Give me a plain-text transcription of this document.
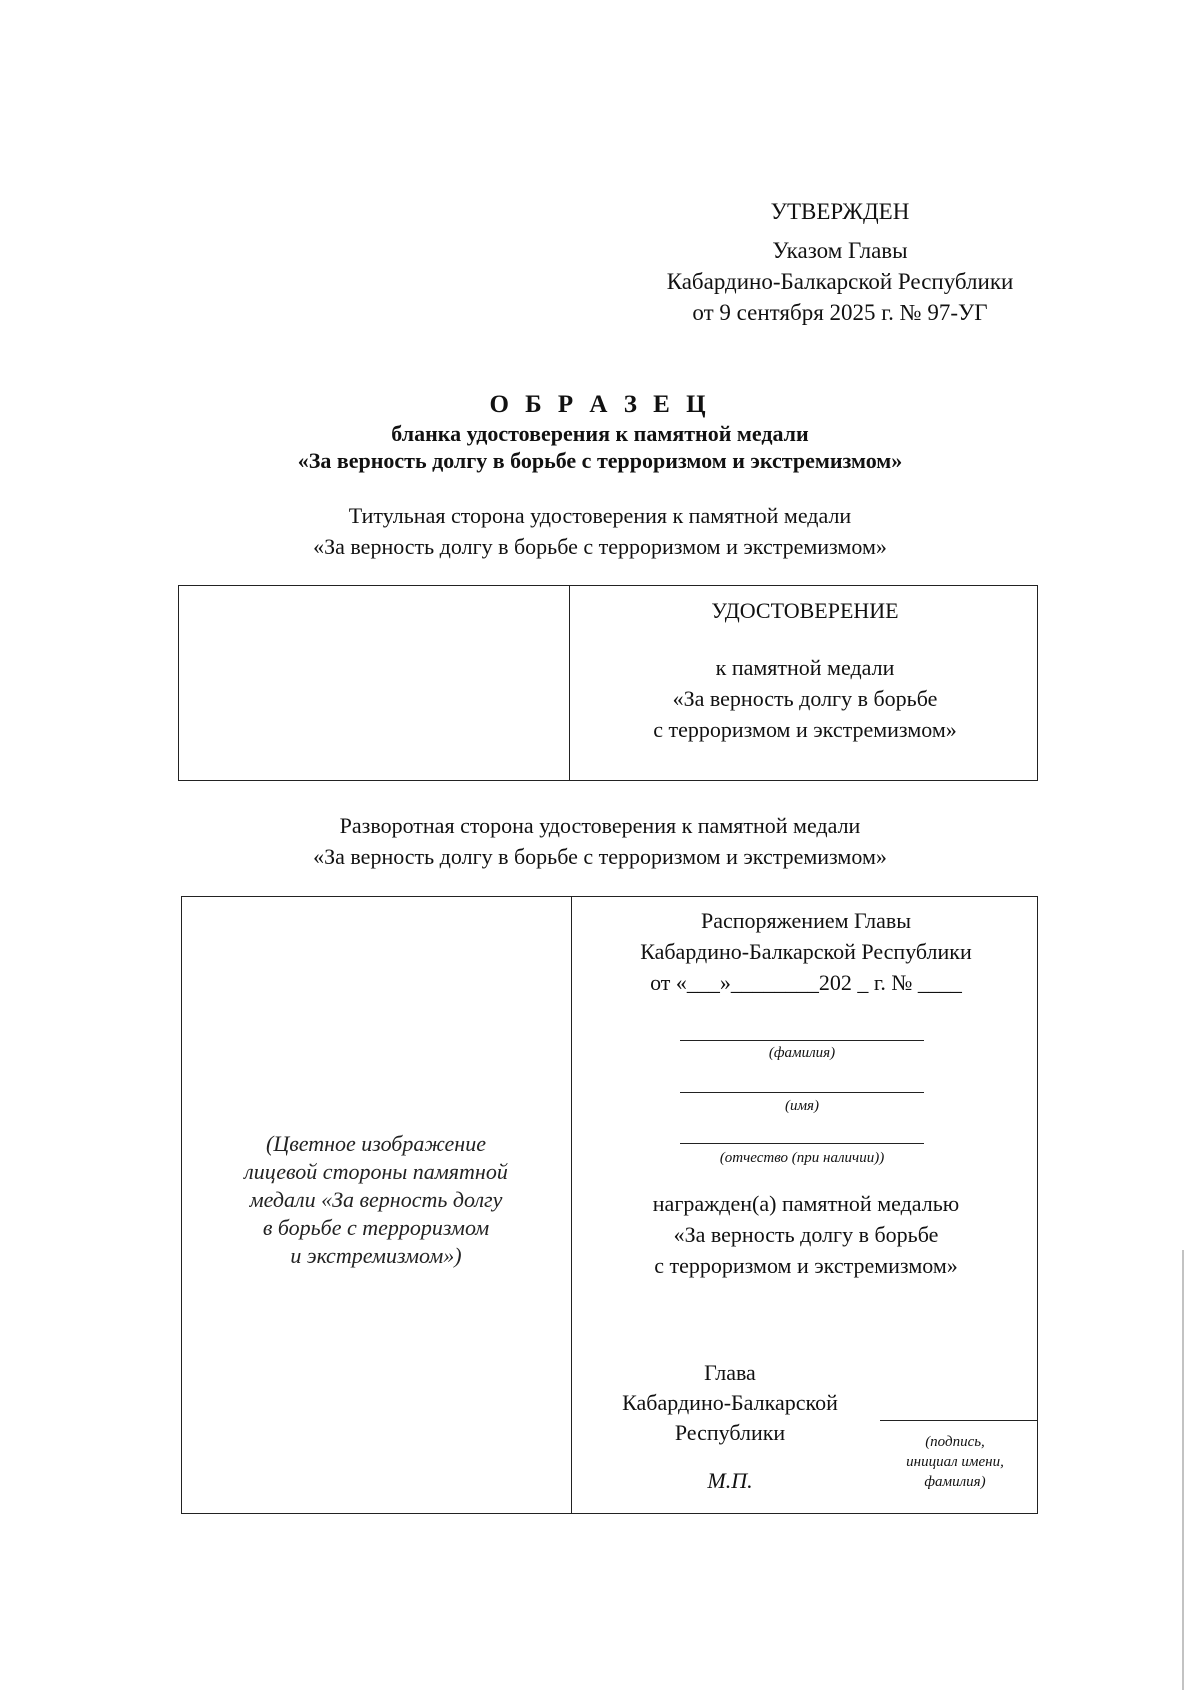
УТВЕРЖДЕН
Указом Главы
Кабардино-Балкарской Республики
от 9 сентября 2025 г. № 97-УГ
О Б Р А З Е Ц
бланка удостоверения к памятной медали
«За верность долгу в борьбе с терроризмом и экстремизмом»
Титульная сторона удостоверения к памятной медали
«За верность долгу в борьбе с терроризмом и экстремизмом»
УДОСТОВЕРЕНИЕ
к памятной медали
«За верность долгу в борьбе
с терроризмом и экстремизмом»
Разворотная сторона удостоверения к памятной медали
«За верность долгу в борьбе с терроризмом и экстремизмом»
(Цветное изображение
лицевой стороны памятной
медали «За верность долгу
в борьбе с терроризмом
и экстремизмом»)
Распоряжением Главы
Кабардино-Балкарской Республики
от «___»________202 _ г. № ____
(фамилия)
(имя)
(отчество (при наличии))
награжден(а) памятной медалью
«За верность долгу в борьбе
с терроризмом и экстремизмом»
Глава
Кабардино-Балкарской
Республики	(подпись,
инициал имени,
фамилия)
М.П.
